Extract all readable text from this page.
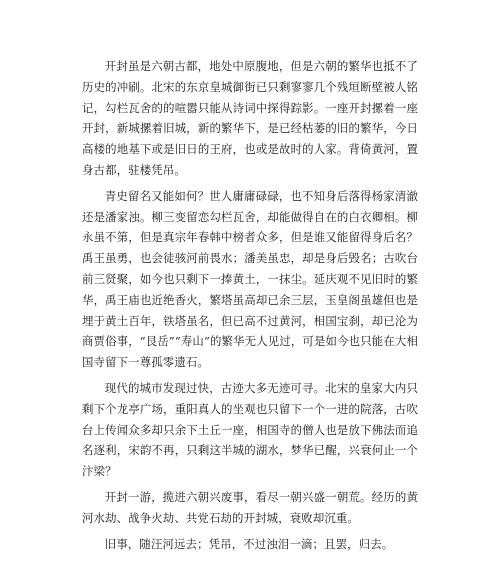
开封虽是六朝古都，地处中原腹地，但是六朝的繁华也抵不了历史的冲刷。北宋的东京皇城御街已只剩寥寥几个残垣断壁被人铭记，勾栏瓦舍的的喧嚣只能从诗词中探得踪影。一座开封摞着一座开封，新城摞着旧城，新的繁华下，是已经枯萎的旧的繁华，今日高楼的地基下或是旧日的王府，也或是故时的人家。背倚黄河，置身古都，驻楼凭吊。

青史留名又能如何？世人庸庸碌碌，也不知身后落得杨家清澈还是潘家浊。柳三变留恋勾栏瓦舍，却能做得自在的白衣卿相。柳永虽不第，但是真宗年春韩中榜者众多，但是谁又能留得身后名？禹王虽勇，也会徒骇河前畏水；潘美虽忠，却是身后毁名；古吹台前三贤聚，如今也只剩下一捧黄土，一抹尘。延庆观不见旧时的繁华，禹王庙也近绝香火，繁塔虽高却已余三层，玉皇阁虽雄但也是埋于黄土百年，铁塔虽名，但已高不过黄河，相国宝刹，却已沦为商贾俗事，“艮岳”“寿山”的繁华无人见过，可是如今也只能在大相国寺留下一尊孤零遗石。

现代的城市发现过快，古迹大多无迹可寻。北宋的皇家大内只剩下个龙亭广场，重阳真人的坐观也只留下一个一进的院落，古吹台上传闻众多却只余下土丘一座，相国寺的僧人也是放下佛法而追名逐利，宋韵不再，只剩这半城的湖水，梦华已醒，兴衰何止一个汴梁？

开封一游，揽进六朝兴废事，看尽一朝兴盛一朝荒。经历的黄河水劫、战争火劫、共党石劫的开封城，衰败却沉重。

旧事，随汪河远去；凭吊，不过浊泪一滴；且罢，归去。
